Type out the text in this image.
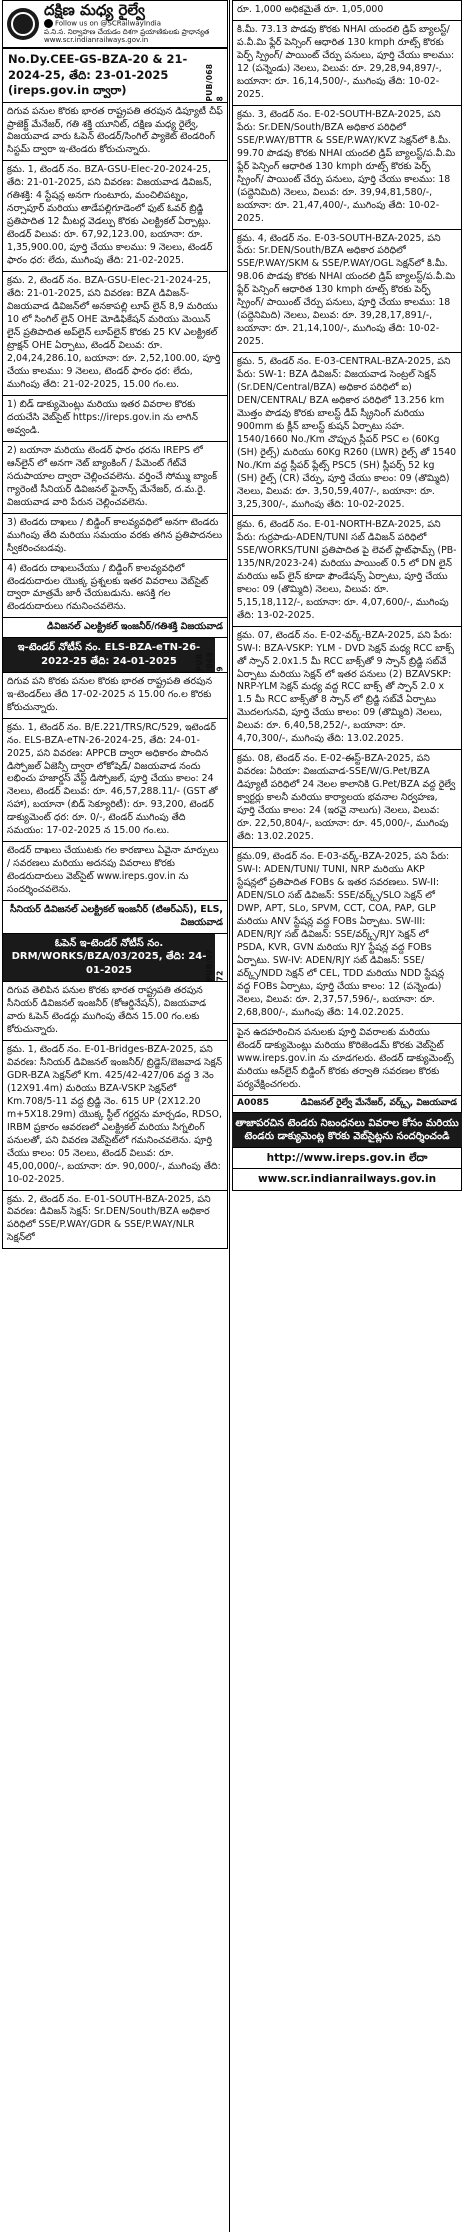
దక్షిణ మధ్య రైల్వే
Follow us on @SCRailwayIndia
ప.ని.స. నిర్వాహణ చేయడం దిశగా ప్రయాణికులకు ప్రాధాన్యత
www.scr.indianrailways.gov.in
No.Dy.CEE-GS-BZA-20 & 21-2024-25, తేది: 23-01-2025 (ireps.gov.in ద్వారా)	PUB/0688
దిగువ పనుల కొరకు భారత రాష్ట్రపతి తరపున డిప్యూటీ చీఫ్ ప్రాజెక్ట్ మేనేజర్, గతి శక్తి యూనిట్, దక్షిణ మధ్య రైల్వే, విజయవాడ వారు ఓపెన్ టెండర్/సింగిల్ ప్యాకెట్ టెండరింగ్ సిస్టమ్ ద్వారా ఇ-టెండరు కోరుచున్నారు.
క్రమ. 1, టెండర్ నం. BZA-GSU-Elec-20-2024-25, తేది: 21-01-2025, పని వివరణ: విజయవాడ డివిజన్, గతిశక్తి: 4 స్టేషన్ల అనగా గుంటూరు, మంచిలిపట్నం, నర్సాపూర్ మరియు తాడేపల్లిగూడెంలో ఫుట్ ఓవర్ బ్రిడ్జి ప్రతిపాదిత 12 మీటర్ల వెడల్పు కొరకు ఎలక్ట్రికల్ ఏర్పాట్లు. టెండర్ విలువ: రూ. 67,92,123.00, బయానా: రూ. 1,35,900.00, పూర్తి చేయు కాలము: 9 నెలలు, టెండర్ ఫారం ధర: లేదు, ముగింపు తేది: 21-02-2025.
క్రమ. 2, టెండర్ నం. BZA-GSU-Elec-21-2024-25, తేది: 21-01-2025, పని వివరణ: BZA డివిజన్-విజయవాడ డివిజన్‌లో అనకాపల్లి లూప్ లైన్ 8,9 మరియు 10 లో సింగిల్ లైన్ OHE మోడిఫికేషన్ మరియు మెయిన్ లైన్ ప్రతిపాదిత అప్‌లైన్ లూప్‌లైన్ కొరకు 25 KV ఎలక్ట్రికల్ ట్రాక్షన్ OHE ఏర్పాటు, టెండర్ విలువ: రూ. 2,04,24,286.10, బయానా: రూ. 2,52,100.00, పూర్తి చేయు కాలము: 9 నెలలు, టెండర్ ఫారం ధర: లేదు, ముగింపు తేది: 21-02-2025, 15.00 గం.లు.
1) బిడ్ డాక్యుమెంట్లు మరియు ఇతర వివరాల కొరకు దయచేసి వెబ్‌సైట్ https://ireps.gov.in ను లాగిన్ అవ్వండి.
2) బయానా మరియు టెండర్ ఫారం ధరను IREPS లో ఆన్‌లైన్ లో అనగా నెట్ బ్యాంకింగ్ / పేమెంట్ గేట్‌వే సదుపాయాల ద్వారా చెల్లించవలెను. వర్తించే సోమ్ము బ్యాంక్ గ్యారెంటీ సీనియర్ డివిజనల్ ఫైనాన్స్ మేనేజర్, ద.మ.రై. విజయవాడ వారి పేరున చెల్లించవలెను.
3) టెండరు దాఖలు / బిడ్డింగ్ కాలవ్యవధిలో అనగా టెండరు ముగింపు తేది మరియు సమయం వరకు తగిన ప్రతిపాదనలు స్వీకరించబడవు.
4) టెండరు దాఖలుచేయు / బిడ్డింగ్ కాలవ్యవధిలో టెండరుదారుల యొక్క ప్రశ్నలకు ఇతర వివరాలు వెబ్‌సైట్ ద్వారా మాత్రమే జారీ చేయబడును. ఆసక్తి గల టెండరుదారులు గమనించవలెను.
డివిజనల్ ఎలక్ట్రికల్ ఇంజనీర్/గతిశక్తి విజయవాడ
ఇ-టెండర్ నోటీస్ నం. ELS-BZA-eTN-26-2022-25 తేది: 24-01-2025	PUB/0689
దిగువ పని కొరకు పనుల కొరకు భారత రాష్ట్రపతి తరపున ఇ-టెండర్‌లు తేది 17-02-2025 న 15.00 గం.ల కొరకు కోరుచున్నారు.
క్రమ. 1, టెండర్ నం. B/E.221/TRS/RC/529, ఇటెండర్ నం. ELS-BZA-eTN-26-2024-25, తేది: 24-01-2025, పని వివరణ: APPCB ద్వారా అధికారం పొందిన డిస్పోజల్ ఏజెన్సీ ద్వారా లోకోషెడ్/ విజయవాడ నందు లభించు హజార్డస్ వేస్ట్ డిస్పోజల్, పూర్తి చేయు కాలం: 24 నెలలు, టెండర్ విలువ: రూ. 46,57,288.11/- (GST తో సహా), బయానా (బిడ్ సెక్యూరిటీ): రూ. 93,200, టెండర్ డాక్యుమెంట్ ధర: రూ. 0/-, టెండర్ ముగింపు తేది సమయం: 17-02-2025 న 15.00 గం.లు.
టెండర్ దాఖలు చేయుటకు గల కారణాలు ఏవైనా మార్పులు / సవరణలు మరియు అదనపు వివరాలు కొరకు టెండరుదారులు వెబ్‌సైట్ www.ireps.gov.in ను సందర్శించవలెను.
సీనియర్ డివిజనల్ ఎలక్ట్రికల్ ఇంజనీర్ (టిఆర్ఎస్), ELS, విజయవాడ
ఓపెన్ ఇ-టెండర్ నోటీస్ నం. DRM/WORKS/BZA/03/2025, తేది: 24-01-2025	PUB/0772
దిగువ తెలిపిన పనుల కొరకు భారత రాష్ట్రపతి తరపున సీనియర్ డివిజనల్ ఇంజనీర్ (కోఆర్డినేషన్), విజయవాడ వారు ఓపెన్ టెండర్లు ముగింపు తేదిన 15.00 గం.లకు కోరుచున్నారు.
క్రమ. 1, టెండర్ నం. E-01-Bridges-BZA-2025, పని వివరణ: సీనియర్ డివిజనల్ ఇంజనీర్/ బ్రిడ్జెస్/బెజవాడ సెక్షన్ GDR-BZA సెక్షన్‌లో Km. 425/42-427/06 వద్ద 3 నెం (12X91.4m) మరియు BZA-VSKP సెక్షన్‌లో Km.708/5-11 వద్ద బ్రిడ్జి నెం. 615 UP (2X12.20 m+5X18.29m) యొక్క స్టీల్ గర్డర్లను మార్చడం, RDSO, IRBM ప్రకారం ఆవరణలో ఎలక్ట్రికల్ మరియు సిగ్నలింగ్ పనులతో, పని వివరణ వెబ్‌సైట్‌లో గమనించవలెను. పూర్తి చేయు కాలం: 05 నెలలు, టెండర్ విలువ: రూ. 45,00,000/-, బయానా: రూ. 90,000/-, ముగింపు తేది: 10-02-2025.
క్రమ. 2, టెండర్ నం. E-01-SOUTH-BZA-2025, పని వివరణ: డివిజన్ సెక్షన్: Sr.DEN/South/BZA అధికార పరిధిలో SSE/P.WAY/GDR & SSE/P.WAY/NLR సెక్షన్‌లో
రూ. 1,000 అధికమైతే రూ. 1,05,000
కి.మీ. 73.13 పొడవు కొరకు NHAI యందలి డ్రిప్ బ్యాలస్ట్/ప.వీ.మి ఫ్లేర్ పెన్సింగ్ ఆధారిత 130 kmph రూట్స్ కొరకు పెర్ఫ్ స్ప్రింగ్/ పాయింట్ చేర్పు పనులు, పూర్తి చేయు కాలము: 12 (పన్నెండు) నెలలు, విలువ: రూ. 29,28,94,897/-, బయానా: రూ. 16,14,500/-, ముగింపు తేది: 10-02-2025.
క్రమ. 3, టెండర్ నం. E-02-SOUTH-BZA-2025, పని పేరు: Sr.DEN/South/BZA అధికార పరిధిలో SSE/P.WAY/BTTR & SSE/P.WAY/KVZ సెక్షన్‌లో కి.మీ. 99.70 పొడవు కొరకు NHAI యందలి డ్రిప్ బ్యాలస్ట్/ప.వీ.మి ఫ్లేర్ పెన్సింగ్ ఆధారిత 130 kmph రూట్స్ కొరకు పెర్ఫ్ స్ప్రింగ్/ పాయింట్ చేర్పు పనులు, పూర్తి చేయు కాలము: 18 (పద్దెనిమిది) నెలలు, విలువ: రూ. 39,94,81,580/-, బయానా: రూ. 21,47,400/-, ముగింపు తేది: 10-02-2025.
క్రమ. 4, టెండర్ నం. E-03-SOUTH-BZA-2025, పని పేరు: Sr.DEN/South/BZA అధికార పరిధిలో SSE/P.WAY/SKM & SSE/P.WAY/OGL సెక్షన్‌లో కి.మీ. 98.06 పొడవు కొరకు NHAI యందలి డ్రిప్ బ్యాలస్ట్/ప.వీ.మి ఫ్లేర్ పెన్సింగ్ ఆధారిత 130 kmph రూట్స్ కొరకు పెర్ఫ్ స్ప్రింగ్/ పాయింట్ చేర్పు పనులు, పూర్తి చేయు కాలము: 18 (పద్దెనిమిది) నెలలు, విలువ: రూ. 39,28,17,891/-, బయానా: రూ. 21,14,100/-, ముగింపు తేది: 10-02-2025.
క్రమ. 5, టెండర్ నం. E-03-CENTRAL-BZA-2025, పని పేరు: SW-1: BZA డివిజన్: విజయవాడ సెంట్రల్ సెక్షన్ (Sr.DEN/Central/BZA) అధికార పరిధిలో ఐ) DEN/CENTRAL/ BZA అధికార పరిధిలో 13.256 km మొత్తం పొడవు కొరకు బాలస్ట్ డీప్ స్క్రీనింగ్ మరియు 900mm కు క్లీన్ బాలస్ట్ కుషన్ ఏర్పాటు సహ. 1540/1660 No./Km చొప్పున స్లీపర్ PSC ల (60Kg (SH) రైల్స్) మరియు 60Kg R260 (LWR) రైల్స్ తో 1540 No./Km వద్ద స్లీపర్ ప్లేట్స్ PSC5 (SH) స్లీపర్స్ 52 kg (SH) రైల్స్ (CR) చేర్పు, పూర్తి చేయు కాలం: 09 (తొమ్మిది) నెలలు, విలువ: రూ. 3,50,59,407/-, బయానా: రూ. 3,25,300/-, ముగింపు తేది: 10-02-2025.
క్రమ. 6, టెండర్ నం. E-01-NORTH-BZA-2025, పని పేరు: గుర్రపాడు-ADEN/TUNI సబ్ డివిజన్ పరిధిలో SSE/WORKS/TUNI ప్రతిపాదిత పై లెవల్ ప్లాట్‌ఫామ్స్ (PB-135/NR/2023-24) మరియు పాయింట్ 0.5 లో DN లైన్ మరియు అప్ లైన్ కూడా ఫౌండేషన్స్ ఏర్పాటు, పూర్తి చేయు కాలం: 09 (తొమ్మిది) నెలలు, విలువ: రూ. 5,15,18,112/-, బయానా: రూ. 4,07,600/-, ముగింపు తేది: 13-02-2025.
క్రమ. 07, టెండర్ నం. E-02-వర్క్-BZA-2025, పని పేరు: SW-I: BZA-VSKP: YLM - DVD సెక్షన్ మధ్య RCC బాక్స్ తో స్పాన్ 2.0x1.5 మీ RCC బాక్స్‌తో 9 స్పాన్ బ్రిడ్జి సబ్‌వే ఏర్పాటు మరియు సెక్షన్ లో ఇతర పనులు (2) BZAVSKP: NRP-YLM సెక్షన్ మధ్య వద్ద RCC బాక్స్ తో స్పాన్ 2.0 x 1.5 మీ RCC బాక్స్‌తో 8 స్పాన్ లో బ్రిడ్జి సబ్‌వే ఏర్పాటు మొదలగునవి, పూర్తి చేయు కాలం: 09 (తొమ్మిది) నెలలు, విలువ: రూ. 6,40,58,252/-, బయానా: రూ. 4,70,300/-, ముగింపు తేది: 13.02.2025.
క్రమ. 08, టెండర్ నం. E-02-ఈస్ట్-BZA-2025, పని వివరణ: ఏరియా: విజయవాడ-SSE/W/G.Pet/BZA డిప్యూటీ పరిధిలో 24 నెలల కాలానికి G.Pet/BZA వద్ద రైల్వే క్వార్టర్లు కాలనీ మరియు కార్యాలయ భవనాల నిర్వహణ, పూర్తి చేయు కాలం: 24 (ఇరవై నాలుగు) నెలలు, విలువ: రూ. 22,50,804/-, బయానా: రూ. 45,000/-, ముగింపు తేది: 13.02.2025.
క్రమ.09, టెండర్ నం. E-03-వర్క్-BZA-2025, పని పేరు: SW-I: ADEN/TUNI/ TUNI, NRP మరియు AKP స్టేషన్లలో ప్రతిపాదిత FOBs & ఇతర సవరణలు. SW-II: ADEN/SLO సబ్ డివిజన్: SSE/వర్క్స్/SLO సెక్షన్ లో DWP, APT, SLo, SPVM, CCT, COA, PAP, GLP మరియు ANV స్టేషన్ల వద్ద FOBs ఏర్పాటు. SW-III: ADEN/RJY సబ్ డివిజన్: SSE/వర్క్స్/RJY సెక్షన్ లో PSDA, KVR, GVN మరియు RJY స్టేషన్ల వద్ద FOBs ఏర్పాటు. SW-IV: ADEN/RJY సబ్ డివిజన్: SSE/వర్క్స్/NDD సెక్షన్ లో CEL, TDD మరియు NDD స్టేషన్ల వద్ద FOBs ఏర్పాటు, పూర్తి చేయు కాలం: 12 (పన్నెండు) నెలలు, విలువ: రూ. 2,37,57,596/-, బయానా: రూ. 2,68,800/-, ముగింపు తేది: 14.02.2025.
పైన ఉదహరించిన పనులకు పూర్తి వివరాలకు మరియు టెండర్ డాక్యుమెంట్లు మరియు కొరిజెండమ్ కొరకు వెబ్‌సైట్ www.ireps.gov.in ను చూడగలరు. టెండర్ డాక్యుమెంట్స్ మరియు ఆన్‌లైన్ బిడ్డింగ్ కొరకు తర్వాతి సవరణల కొరకు పర్యవేక్షించగలరు.
A0085	డివిజనల్ రైల్వే మేనేజర్, వర్క్స్, విజయవాడ
తాజాపరచిన టెండరు నిబంధనలు వివరాల కోసం మరియు టెండరు డాక్యుమెంట్ల కొరకు వెబ్‌సైట్లను సందర్శించండి
http://www.ireps.gov.in లేదా
www.scr.indianrailways.gov.in
